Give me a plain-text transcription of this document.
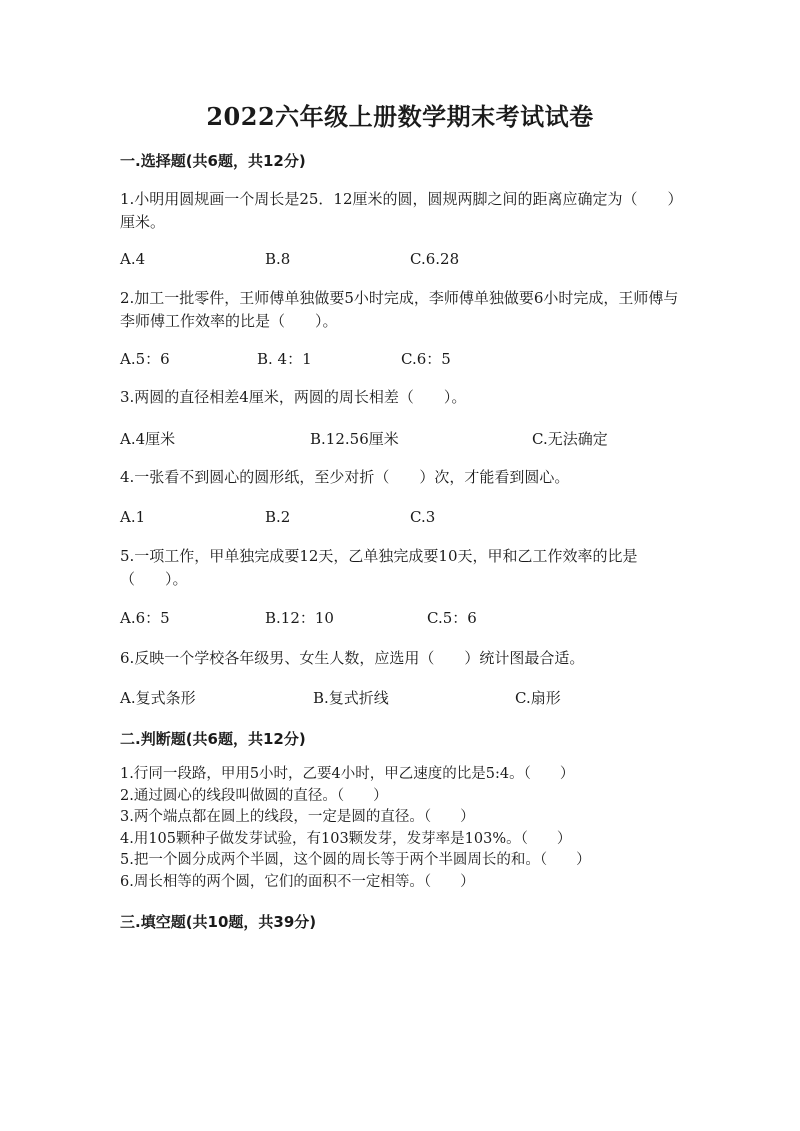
2022六年级上册数学期末考试试卷
一.选择题(共6题，共12分)
1.小明用圆规画一个周长是25．12厘米的圆，圆规两脚之间的距离应确定为（　　）厘米。
A.4	B.8	C.6.28
2.加工一批零件，王师傅单独做要5小时完成，李师傅单独做要6小时完成，王师傅与李师傅工作效率的比是（　　）。
A.5：6	B. 4：1	C.6：5
3.两圆的直径相差4厘米，两圆的周长相差（　　）。
A.4厘米	B.12.56厘米	C.无法确定
4.一张看不到圆心的圆形纸，至少对折（　　）次，才能看到圆心。
A.1	B.2	C.3
5.一项工作，甲单独完成要12天，乙单独完成要10天，甲和乙工作效率的比是（　　）。
A.6：5	B.12：10	C.5：6
6.反映一个学校各年级男、女生人数，应选用（　　）统计图最合适。
A.复式条形	B.复式折线	C.扇形
二.判断题(共6题，共12分)
1.行同一段路，甲用5小时，乙要4小时，甲乙速度的比是5:4。（　　）
2.通过圆心的线段叫做圆的直径。（　　）
3.两个端点都在圆上的线段，一定是圆的直径。（　　）
4.用105颗种子做发芽试验，有103颗发芽，发芽率是103%。（　　）
5.把一个圆分成两个半圆，这个圆的周长等于两个半圆周长的和。（　　）
6.周长相等的两个圆，它们的面积不一定相等。（　　）
三.填空题(共10题，共39分)
